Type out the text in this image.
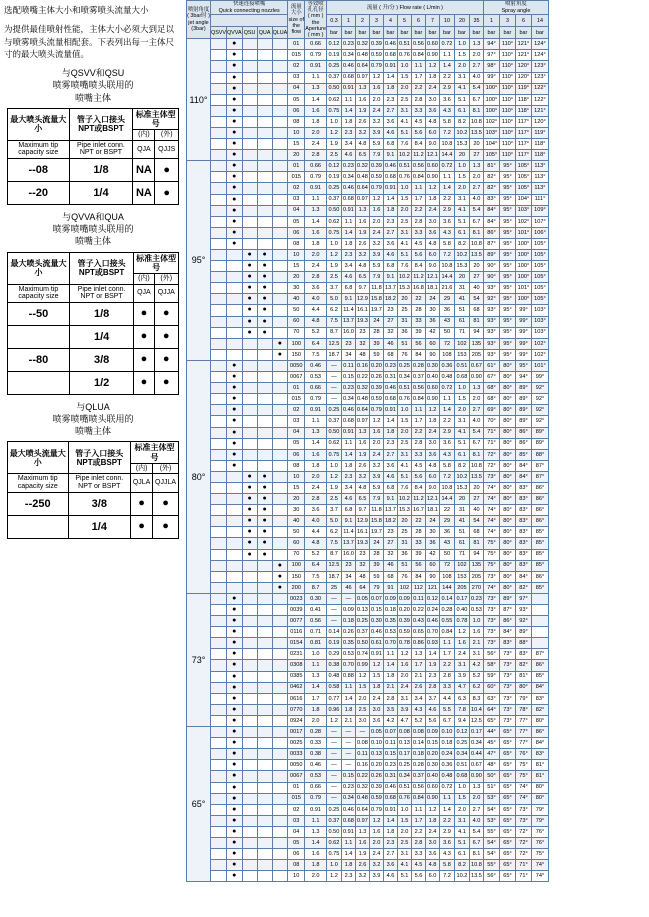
选配喷嘴主体大小和喷雾喷头流量大小

为提供最佳喷射性能，主体大小必须大到足以与喷雾喷头流量相配套。下表列出每一主体尺寸的最大喷头流量值。

与QSVV和QSU
喷雾喷嘴喷头联用的
喷嘴主体
最大喷头流量大小	管子入口接头NPT或BSPT	标准主体型号	
		(内)	(外)
Maximum tip capacity size	Pipe inlet conn. NPT or BSPT	QJA	QJJS
--08	1/8	NA	●
--20	1/4	NA	●
与QVVA和QUA
喷雾喷嘴喷头联用的
喷嘴主体
最大喷头流量大小	管子入口接头NPT或BSPT	标准主体型号	
		(内)	(外)
Maximum tip capacity size	Pipe inlet conn. NPT or BSPT	QJA	QJJA
--50	1/8	●	●
	1/4	●	●
--80	3/8	●	●
	1/2	●	●
与QLUA
喷雾喷嘴喷头联用的
喷嘴主体
最大喷头流量大小	管子入口接头NPT或BSPT	标准主体型号	
		(内)	(外)
Maximum tip capacity size	Pipe inlet conn. NPT or BSPT	QJLA	QJJLA
--250	3/8	●	●
	1/4	●	●
喷射角度
( 3bar时 )
jet angle
(3bar)	快速连接喷嘴
Quick connecting nozzles	流量
大小
size of
the
flow	等效喷
孔孔径
( mm )
the
Aperture
( mm )	流量 ( 升/分 ) Flow rate ( L/min )	喷射角度
Spray angle
								0.3	1	2	3	4	5	6	7	10	20	35	1	3	6	14
	QSVV	QVVA	QSU	QUA	QLUA			bar	bar	bar	bar	bar	bar	bar	bar	bar	bar	bar	bar	bar	bar	bar
110°		●				01	0.66	0.12	0.23	0.32	0.39	0.46	0.51	0.56	0.60	0.72	1.0	1.3	94°	110°	121°	124°
		●				015	0.79	0.19	0.34	0.48	0.59	0.68	0.76	0.84	0.90	1.1	1.5	2.0	97°	110°	121°	124°
		●				02	0.91	0.25	0.46	0.64	0.79	0.91	1.0	1.1	1.2	1.4	2.0	2.7	98°	110°	120°	123°
		●				03	1.1	0.37	0.68	0.97	1.2	1.4	1.5	1.7	1.8	2.2	3.1	4.0	99°	110°	120°	123°
		●				04	1.3	0.50	0.91	1.3	1.6	1.8	2.0	2.2	2.4	2.9	4.1	5.4	100°	110°	119°	122°
		●				05	1.4	0.62	1.1	1.6	2.0	2.3	2.5	2.8	3.0	3.6	5.1	6.7	100°	110°	118°	122°
		●				06	1.6	0.75	1.4	1.9	2.4	2.7	3.1	3.3	3.6	4.3	6.1	8.1	100°	110°	118°	121°
		●				08	1.8	1.0	1.8	2.6	3.2	3.6	4.1	4.5	4.8	5.8	8.2	10.8	102°	110°	117°	120°
		●				10	2.0	1.2	2.3	3.2	3.9	4.6	5.1	5.6	6.0	7.2	10.2	13.5	103°	110°	117°	119°
		●				15	2.4	1.9	3.4	4.8	5.9	6.8	7.6	8.4	9.0	10.8	15.3	20	104°	110°	117°	118°
		●				20	2.8	2.5	4.6	6.5	7.9	9.1	10.2	11.2	12.1	14.4	20	27	105°	110°	117°	118°
95°		●				01	0.66	0.12	0.23	0.32	0.39	0.46	0.51	0.56	0.60	0.72	1.0	1.3	81°	95°	105°	113°
		●				015	0.79	0.19	0.34	0.48	0.59	0.68	0.76	0.84	0.90	1.1	1.5	2.0	82°	95°	105°	113°
		●				02	0.91	0.25	0.46	0.64	0.79	0.91	1.0	1.1	1.2	1.4	2.0	2.7	82°	95°	105°	113°
		●				03	1.1	0.37	0.68	0.97	1.2	1.4	1.5	1.7	1.8	2.2	3.1	4.0	83°	95°	104°	111°
		●				04	1.3	0.50	0.91	1.3	1.6	1.8	2.0	2.2	2.4	2.9	4.1	5.4	84°	95°	103°	109°
		●				05	1.4	0.62	1.1	1.6	2.0	2.3	2.5	2.8	3.0	3.6	5.1	6.7	84°	95°	102°	107°
		●				06	1.6	0.75	1.4	1.9	2.4	2.7	3.1	3.3	3.6	4.3	6.1	8.1	86°	95°	101°	106°
		●				08	1.8	1.0	1.8	2.6	3.2	3.6	4.1	4.5	4.8	5.8	8.2	10.8	87°	95°	100°	105°
			●	●		10	2.0	1.2	2.3	3.2	3.9	4.6	5.1	5.6	6.0	7.2	10.2	13.5	89°	95°	100°	105°
			●	●		15	2.4	1.9	3.4	4.8	5.9	6.8	7.6	8.4	9.0	10.8	15.3	20	90°	95°	100°	105°
			●	●		20	2.8	2.5	4.6	6.5	7.9	9.1	10.2	11.2	12.1	14.4	20	27	90°	95°	100°	105°
			●	●		30	3.6	3.7	6.8	9.7	11.8	13.7	15.3	16.8	18.1	21.6	31	40	93°	95°	101°	105°
			●	●		40	4.0	5.0	9.1	12.9	15.8	18.2	20	22	24	29	41	54	92°	95°	100°	105°
			●	●		50	4.4	6.2	11.4	16.1	19.7	23	25	28	30	36	51	68	93°	95°	99°	103°
			●	●		60	4.8	7.5	13.7	19.3	24	27	31	33	36	43	61	81	93°	95°	99°	103°
			●	●		70	5.2	8.7	16.0	23	28	32	36	39	42	50	71	94	93°	95°	99°	103°
					●	100	6.4	12.5	23	32	39	46	51	56	60	72	102	135	93°	95°	99°	102°
					●	150	7.5	18.7	34	48	59	68	76	84	90	108	153	205	93°	95°	99°	102°
80°		●				0050	0.46	—	0.11	0.16	0.20	0.23	0.25	0.28	0.30	0.36	0.51	0.67	61°	80°	95°	101°
		●				0067	0.53	—	0.15	0.22	0.26	0.31	0.34	0.37	0.40	0.48	0.68	0.90	67°	80°	94°	99°
		●				01	0.66	—	0.23	0.32	0.39	0.46	0.51	0.56	0.60	0.72	1.0	1.3	68°	80°	89°	92°
		●				015	0.79	—	0.34	0.48	0.59	0.68	0.76	0.84	0.90	1.1	1.5	2.0	68°	80°	89°	92°
		●				02	0.91	0.25	0.46	0.64	0.79	0.91	1.0	1.1	1.2	1.4	2.0	2.7	69°	80°	89°	92°
		●				03	1.1	0.37	0.68	0.97	1.2	1.4	1.5	1.7	1.8	2.2	3.1	4.0	70°	80°	89°	92°
		●				04	1.3	0.50	0.91	1.3	1.6	1.8	2.0	2.2	2.4	2.9	4.1	5.4	71°	80°	86°	89°
		●				05	1.4	0.62	1.1	1.6	2.0	2.3	2.5	2.8	3.0	3.6	5.1	6.7	71°	80°	86°	89°
		●				06	1.6	0.75	1.4	1.9	2.4	2.7	3.1	3.3	3.6	4.3	6.1	8.1	72°	80°	85°	88°
		●				08	1.8	1.0	1.8	2.6	3.2	3.6	4.1	4.5	4.8	5.8	8.2	10.8	72°	80°	84°	87°
			●	●		10	2.0	1.2	2.3	3.2	3.9	4.6	5.1	5.6	6.0	7.2	10.2	13.5	73°	80°	84°	87°
			●	●		15	2.4	1.9	3.4	4.8	5.9	6.8	7.6	8.4	9.0	10.8	15.3	20	74°	80°	83°	86°
			●	●		20	2.8	2.5	4.6	6.5	7.9	9.1	10.2	11.2	12.1	14.4	20	27	74°	80°	83°	86°
			●	●		30	3.6	3.7	6.8	9.7	11.8	13.7	15.3	16.7	18.1	22	31	40	74°	80°	83°	86°
			●	●		40	4.0	5.0	9.1	12.9	15.8	18.2	20	22	24	29	41	54	74°	80°	83°	86°
			●	●		50	4.4	6.2	11.4	16.1	19.7	23	25	28	30	36	51	68	74°	80°	83°	85°
			●	●		60	4.8	7.5	13.7	19.3	24	27	31	33	36	43	61	81	75°	80°	83°	85°
			●	●		70	5.2	8.7	16.0	23	28	32	36	39	42	50	71	94	75°	80°	83°	85°
					●	100	6.4	12.5	23	32	39	46	51	56	60	72	102	135	75°	80°	83°	85°
					●	150	7.5	18.7	34	48	59	68	76	84	90	108	153	205	73°	80°	84°	86°
					●	200	8.7	25	46	64	79	91	102	112	121	144	205	270	74°	80°	82°	85°
73°		●				0023	0.30	—	—	0.05	0.07	0.09	0.09	0.11	0.12	0.14	0.17	0.23	73°	89°	97°	
		●				0039	0.41	—	0.09	0.13	0.15	0.18	0.20	0.22	0.24	0.28	0.40	0.53	73°	87°	93°	
		●				0077	0.56	—	0.18	0.25	0.30	0.35	0.39	0.43	0.46	0.55	0.78	1.0	73°	86°	92°	
		●				0116	0.71	0.14	0.26	0.37	0.46	0.53	0.59	0.65	0.70	0.84	1.2	1.6	73°	84°	89°	
		●				0154	0.81	0.19	0.35	0.50	0.61	0.70	0.78	0.86	0.93	1.1	1.6	2.1	73°	83°	88°	
		●				0231	1.0	0.29	0.53	0.74	0.91	1.1	1.2	1.3	1.4	1.7	2.4	3.1	56°	73°	83°	87°
		●				0308	1.1	0.38	0.70	0.99	1.2	1.4	1.6	1.7	1.9	2.2	3.1	4.2	58°	73°	82°	86°
		●				0385	1.3	0.48	0.88	1.2	1.5	1.8	2.0	2.1	2.3	2.8	3.9	5.2	59°	73°	81°	85°
		●				0462	1.4	0.58	1.1	1.5	1.8	2.1	2.4	2.6	2.8	3.3	4.7	6.2	60°	73°	80°	84°
		●				0616	1.7	0.77	1.4	2.0	2.4	2.8	3.1	3.4	3.7	4.4	6.3	8.3	63°	73°	79°	83°
		●				0770	1.8	0.96	1.8	2.5	3.0	3.5	3.9	4.3	4.6	5.5	7.8	10.4	64°	73°	78°	82°
		●				0924	2.0	1.2	2.1	3.0	3.6	4.2	4.7	5.2	5.6	6.7	9.4	12.5	65°	73°	77°	80°
65°		●				0017	0.28	—	—	—	0.05	0.07	0.08	0.08	0.09	0.10	0.12	0.17	44°	65°	77°	86°
		●				0025	0.33	—	—	0.08	0.10	0.11	0.13	0.14	0.15	0.18	0.25	0.34	45°	65°	77°	84°
		●				0033	0.38	—	—	0.11	0.13	0.15	0.17	0.18	0.20	0.24	0.34	0.44	47°	65°	76°	83°
		●				0050	0.46	—	—	0.16	0.20	0.23	0.25	0.28	0.30	0.36	0.51	0.67	48°	65°	75°	81°
		●				0067	0.53	—	0.15	0.22	0.26	0.31	0.34	0.37	0.40	0.48	0.68	0.90	50°	65°	75°	81°
		●				01	0.66	—	0.23	0.32	0.39	0.46	0.51	0.56	0.60	0.72	1.0	1.3	51°	65°	74°	80°
		●				015	0.79	—	0.34	0.48	0.59	0.68	0.76	0.84	0.90	1.1	1.5	2.0	53°	65°	74°	80°
		●				02	0.91	0.25	0.46	0.64	0.79	0.91	1.0	1.1	1.2	1.4	2.0	2.7	54°	65°	73°	79°
		●				03	1.1	0.37	0.68	0.97	1.2	1.4	1.5	1.7	1.8	2.2	3.1	4.0	53°	65°	73°	79°
		●				04	1.3	0.50	0.91	1.3	1.6	1.8	2.0	2.2	2.4	2.9	4.1	5.4	55°	65°	72°	76°
		●				05	1.4	0.62	1.1	1.6	2.0	2.3	2.5	2.8	3.0	3.6	5.1	6.7	54°	65°	72°	76°
		●				06	1.6	0.75	1.4	1.9	2.4	2.7	3.1	3.3	3.6	4.3	6.1	8.1	54°	65°	72°	75°
		●				08	1.8	1.0	1.8	2.6	3.2	3.6	4.1	4.5	4.8	5.8	8.2	10.8	55°	65°	71°	74°
		●				10	2.0	1.2	2.3	3.2	3.9	4.6	5.1	5.6	6.0	7.2	10.2	13.5	56°	65°	71°	74°
